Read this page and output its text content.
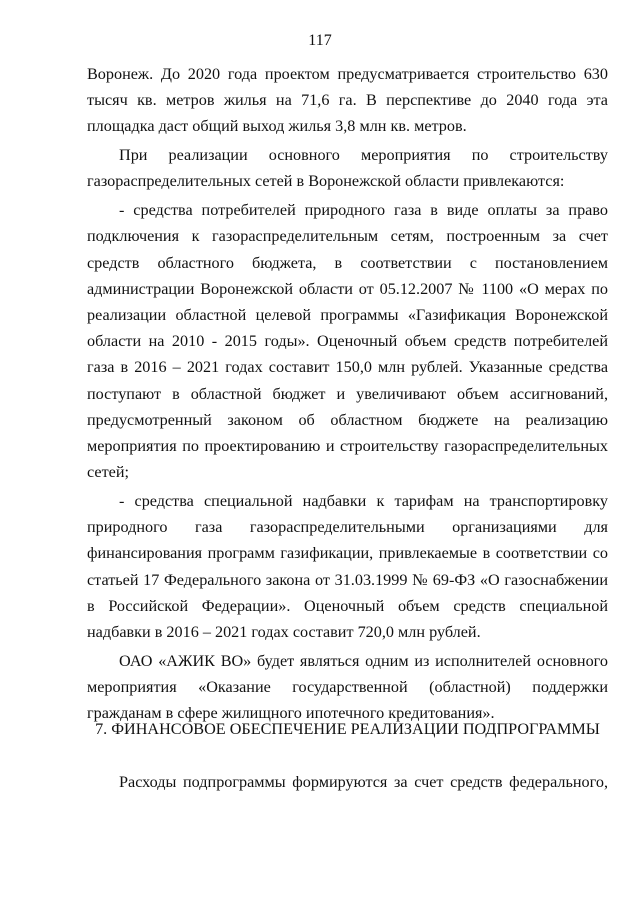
117

Воронеж. До 2020 года проектом предусматривается строительство 630 тысяч кв. метров жилья на 71,6 га. В перспективе до 2040 года эта площадка даст общий выход жилья 3,8 млн кв. метров.

При реализации основного мероприятия по строительству газораспределительных сетей в Воронежской области привлекаются:

- средства потребителей природного газа в виде оплаты за право подключения к газораспределительным сетям, построенным за счет средств областного бюджета, в соответствии с постановлением администрации Воронежской области от 05.12.2007 № 1100 «О мерах по реализации областной целевой программы «Газификация Воронежской области на 2010 - 2015 годы». Оценочный объем средств потребителей газа в 2016 – 2021 годах составит 150,0 млн рублей. Указанные средства поступают в областной бюджет и увеличивают объем ассигнований, предусмотренный законом об областном бюджете на реализацию мероприятия по проектированию и строительству газораспределительных сетей;

- средства специальной надбавки к тарифам на транспортировку природного газа газораспределительными организациями для финансирования программ газификации, привлекаемые в соответствии со статьей 17 Федерального закона от 31.03.1999 № 69-ФЗ «О газоснабжении в Российской Федерации». Оценочный объем средств специальной надбавки в 2016 – 2021 годах составит 720,0 млн рублей.

ОАО «АЖИК ВО» будет являться одним из исполнителей основного мероприятия «Оказание государственной (областной) поддержки гражданам в сфере жилищного ипотечного кредитования».

7. ФИНАНСОВОЕ ОБЕСПЕЧЕНИЕ РЕАЛИЗАЦИИ ПОДПРОГРАММЫ
Расходы подпрограммы формируются за счет средств федерального,
